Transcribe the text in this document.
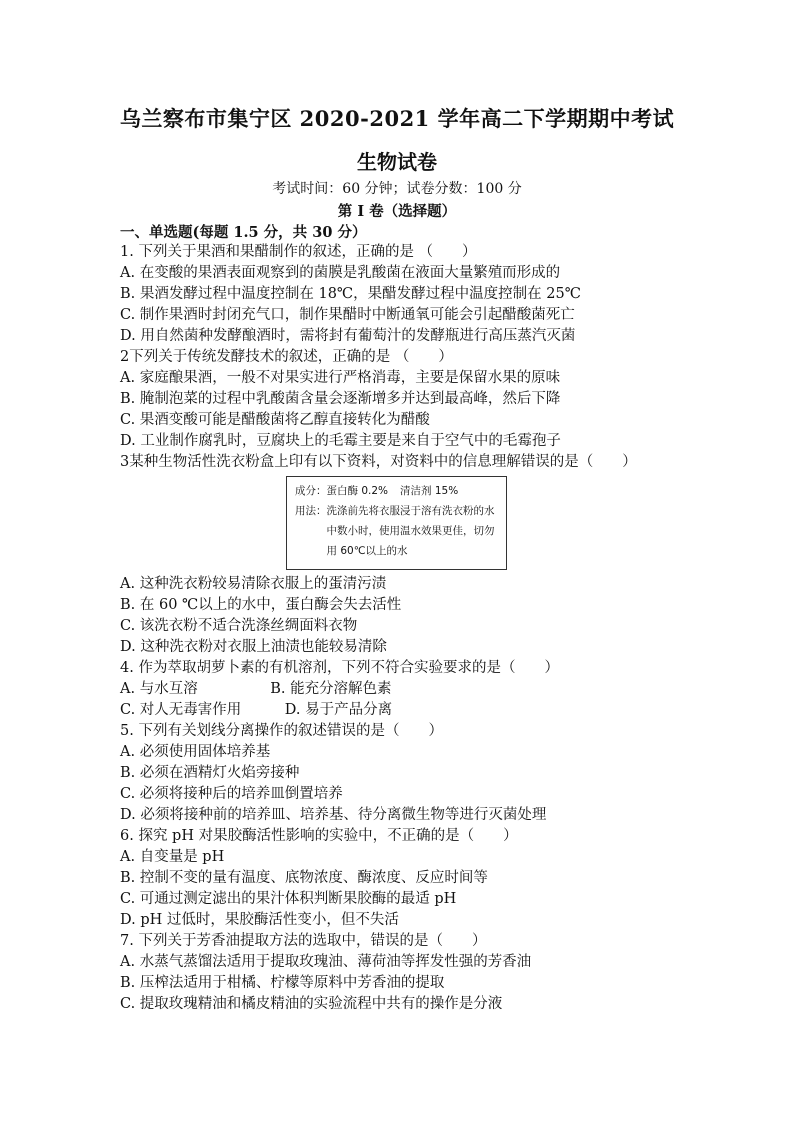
乌兰察布市集宁区 2020-2021 学年高二下学期期中考试
生物试卷
考试时间：60 分钟；试卷分数：100 分
第 I 卷（选择题）
一、单选题(每题 1.5 分，共 30 分）
1. 下列关于果酒和果醋制作的叙述，正确的是 （　　）
A. 在变酸的果酒表面观察到的菌膜是乳酸菌在液面大量繁殖而形成的
B. 果酒发酵过程中温度控制在 18℃，果醋发酵过程中温度控制在 25℃
C. 制作果酒时封闭充气口，制作果醋时中断通氧可能会引起醋酸菌死亡
D. 用自然菌种发酵酿酒时，需将封有葡萄汁的发酵瓶进行高压蒸汽灭菌
2下列关于传统发酵技术的叙述，正确的是 （　　）
A. 家庭酿果酒，一般不对果实进行严格消毒，主要是保留水果的原味
B. 腌制泡菜的过程中乳酸菌含量会逐渐增多并达到最高峰，然后下降
C. 果酒变酸可能是醋酸菌将乙醇直接转化为醋酸
D. 工业制作腐乳时，豆腐块上的毛霉主要是来自于空气中的毛霉孢子
3某种生物活性洗衣粉盒上印有以下资料，对资料中的信息理解错误的是（　　）
成分： 蛋白酶 0.2% 清洁剂 15%
用法： 洗涤前先将衣服浸于溶有洗衣粉的水中数小时，使用温水效果更佳，切勿用 60℃以上的水
A. 这种洗衣粉较易清除衣服上的蛋清污渍
B. 在 60 ℃以上的水中，蛋白酶会失去活性
C. 该洗衣粉不适合洗涤丝绸面料衣物
D. 这种洗衣粉对衣服上油渍也能较易清除
4. 作为萃取胡萝卜素的有机溶剂，下列不符合实验要求的是（　　）
A. 与水互溶　　　　　B. 能充分溶解色素
C. 对人无毒害作用　　　D. 易于产品分离
5. 下列有关划线分离操作的叙述错误的是（　　）
A. 必须使用固体培养基
B. 必须在酒精灯火焰旁接种
C. 必须将接种后的培养皿倒置培养
D. 必须将接种前的培养皿、培养基、待分离微生物等进行灭菌处理
6. 探究 pH 对果胶酶活性影响的实验中，不正确的是（　　）
A. 自变量是 pH
B. 控制不变的量有温度、底物浓度、酶浓度、反应时间等
C. 可通过测定滤出的果汁体积判断果胶酶的最适 pH
D. pH 过低时，果胶酶活性变小，但不失活
7. 下列关于芳香油提取方法的选取中，错误的是（　　）
A. 水蒸气蒸馏法适用于提取玫瑰油、薄荷油等挥发性强的芳香油
B. 压榨法适用于柑橘、柠檬等原料中芳香油的提取
C. 提取玫瑰精油和橘皮精油的实验流程中共有的操作是分液
